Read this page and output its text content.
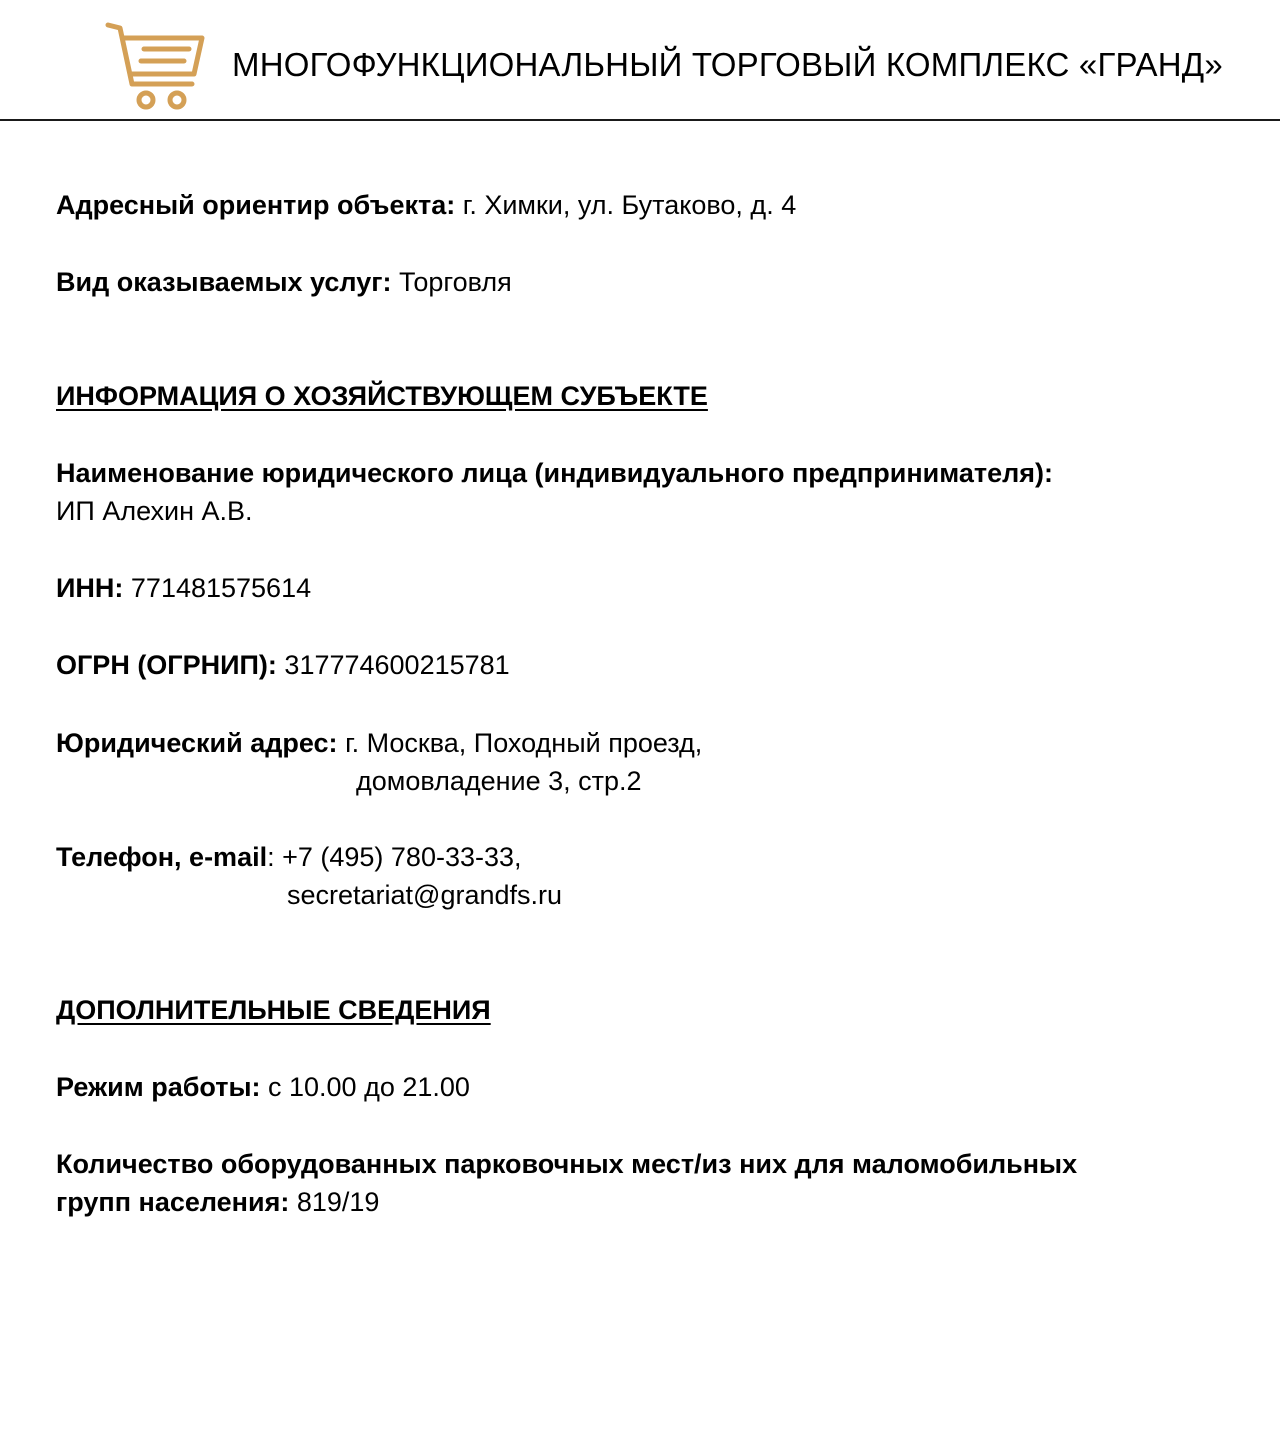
МНОГОФУНКЦИОНАЛЬНЫЙ ТОРГОВЫЙ КОМПЛЕКС «ГРАНД»
Адресный ориентир объекта: г. Химки, ул. Бутаково, д. 4
Вид оказываемых услуг: Торговля
ИНФОРМАЦИЯ О ХОЗЯЙСТВУЮЩЕМ СУБЪЕКТЕ
Наименование юридического лица (индивидуального предпринимателя):
ИП Алехин А.В.
ИНН: 771481575614
ОГРН (ОГРНИП): 317774600215781
Юридический адрес: г. Москва, Походный проезд,
домовладение 3, стр.2
Телефон, e-mail: +7 (495) 780-33-33,
secretariat@grandfs.ru
ДОПОЛНИТЕЛЬНЫЕ СВЕДЕНИЯ
Режим работы: с 10.00 до 21.00
Количество оборудованных парковочных мест/из них для маломобильных
групп населения: 819/19
